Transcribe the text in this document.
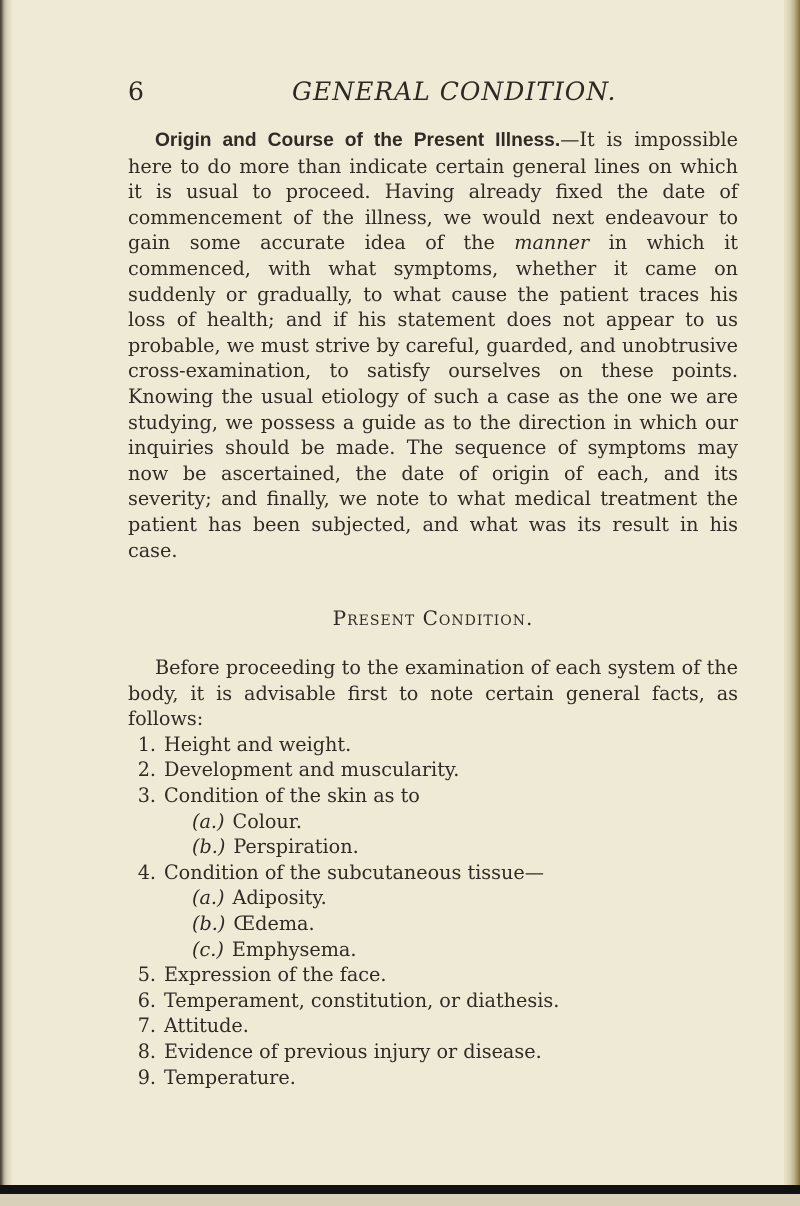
6	GENERAL CONDITION.

Origin and Course of the Present Illness.—It is impossible here to do more than indicate certain general lines on which it is usual to proceed. Having already fixed the date of commencement of the illness, we would next endeavour to gain some accurate idea of the manner in which it commenced, with what symptoms, whether it came on suddenly or gradually, to what cause the patient traces his loss of health; and if his statement does not appear to us probable, we must strive by careful, guarded, and unobtrusive cross-examination, to satisfy ourselves on these points. Knowing the usual etiology of such a case as the one we are studying, we possess a guide as to the direction in which our inquiries should be made. The sequence of symptoms may now be ascertained, the date of origin of each, and its severity; and finally, we note to what medical treatment the patient has been subjected, and what was its result in his case.

Present Condition.

Before proceeding to the examination of each system of the body, it is advisable first to note certain general facts, as follows:

1. Height and weight.
2. Development and muscularity.
3. Condition of the skin as to
(a.) Colour.
(b.) Perspiration.
4. Condition of the subcutaneous tissue—
(a.) Adiposity.
(b.) Œdema.
(c.) Emphysema.
5. Expression of the face.
6. Temperament, constitution, or diathesis.
7. Attitude.
8. Evidence of previous injury or disease.
9. Temperature.
